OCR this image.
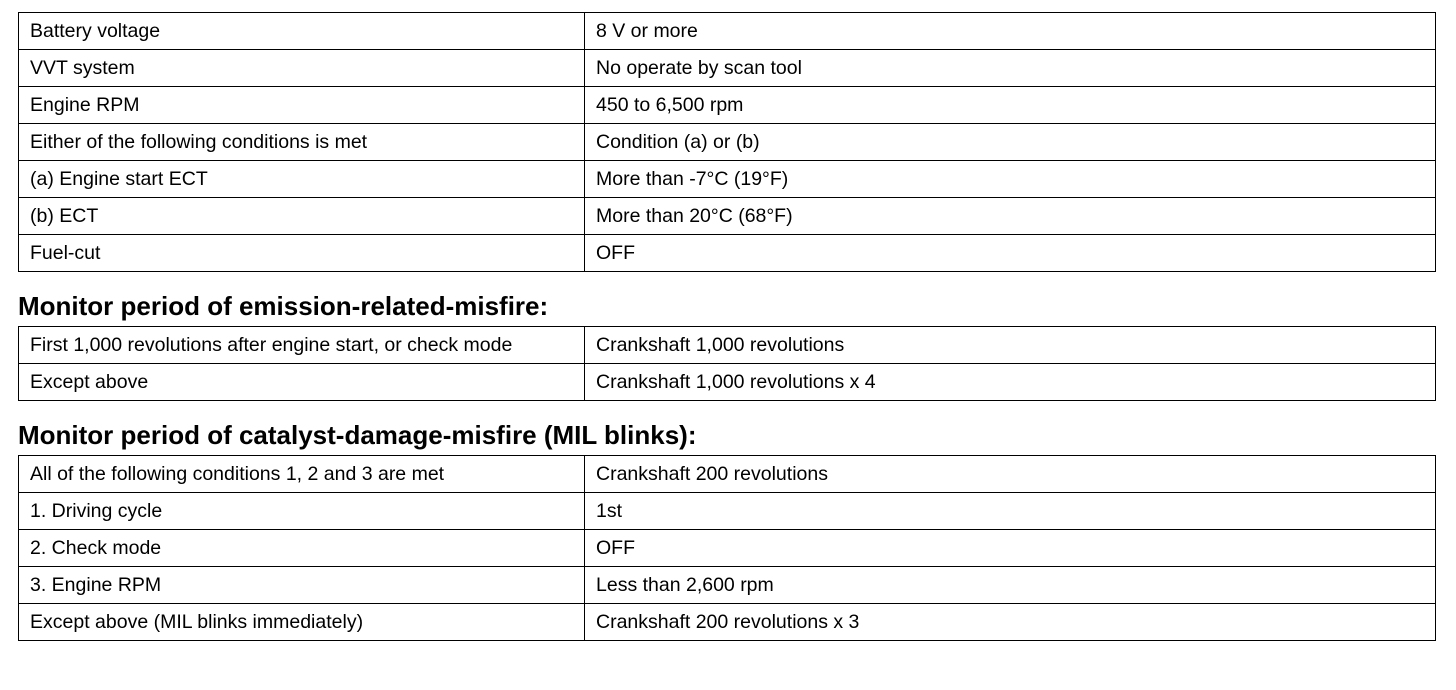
Battery voltage	8 V or more
VVT system	No operate by scan tool
Engine RPM	450 to 6,500 rpm
Either of the following conditions is met	Condition (a) or (b)
(a) Engine start ECT	More than -7°C (19°F)
(b) ECT	More than 20°C (68°F)
Fuel-cut	OFF
Monitor period of emission-related-misfire:
First 1,000 revolutions after engine start, or check mode	Crankshaft 1,000 revolutions
Except above	Crankshaft 1,000 revolutions x 4
Monitor period of catalyst-damage-misfire (MIL blinks):
All of the following conditions 1, 2 and 3 are met	Crankshaft 200 revolutions
1. Driving cycle	1st
2. Check mode	OFF
3. Engine RPM	Less than 2,600 rpm
Except above (MIL blinks immediately)	Crankshaft 200 revolutions x 3
